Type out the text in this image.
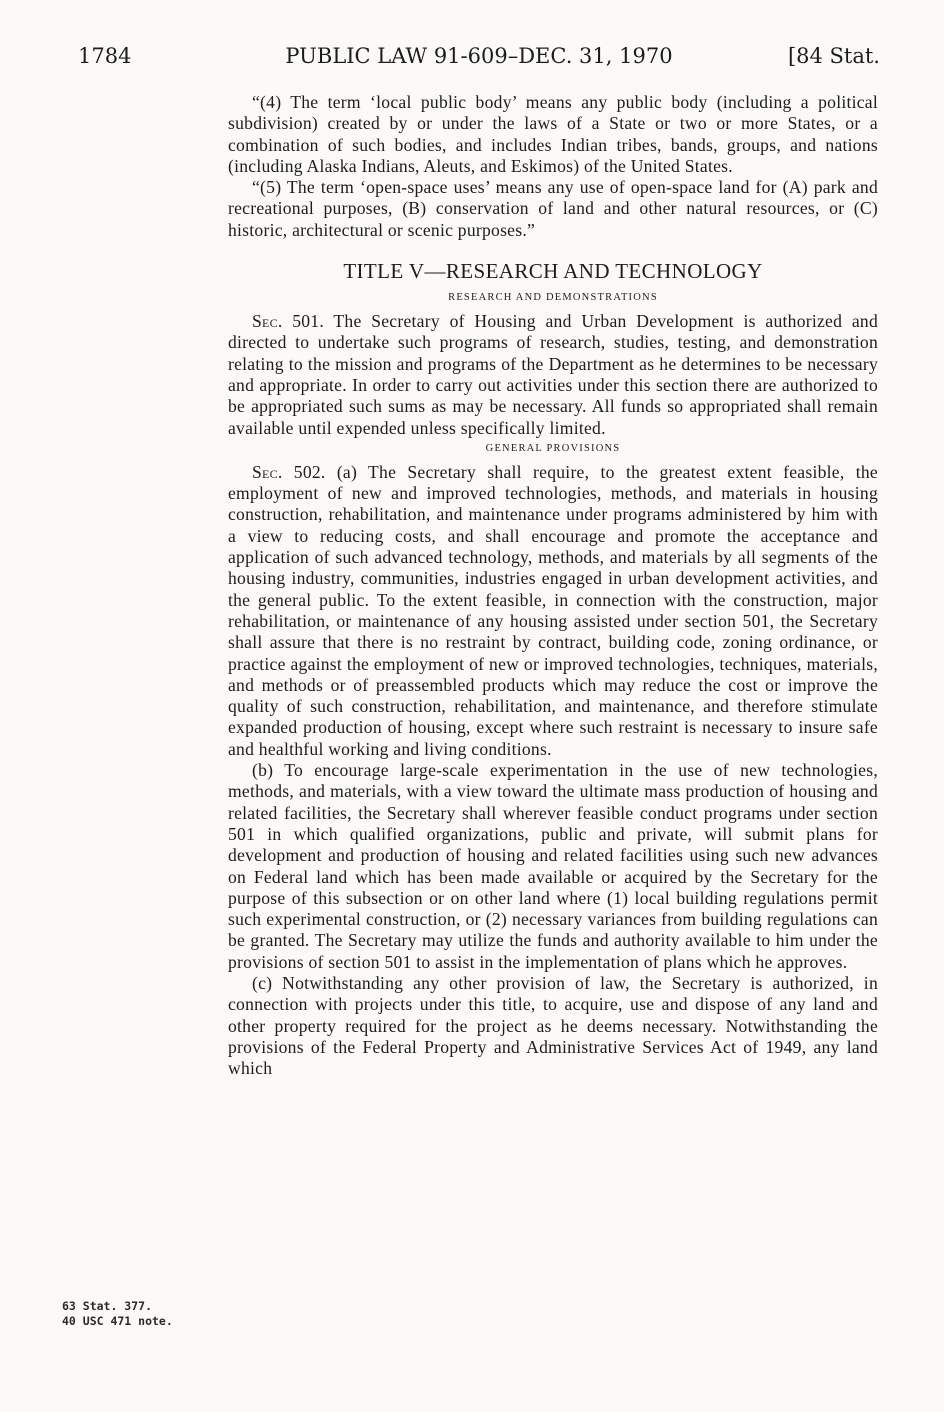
1784	PUBLIC LAW 91-609–DEC. 31, 1970	[84 Stat.

“(4) The term ‘local public body’ means any public body (including a political subdivision) created by or under the laws of a State or two or more States, or a combination of such bodies, and includes Indian tribes, bands, groups, and nations (including Alaska Indians, Aleuts, and Eskimos) of the United States.

“(5) The term ‘open-space uses’ means any use of open-space land for (A) park and recreational purposes, (B) conservation of land and other natural resources, or (C) historic, architectural or scenic purposes.”

TITLE V—RESEARCH AND TECHNOLOGY
RESEARCH AND DEMONSTRATIONS

Sec. 501. The Secretary of Housing and Urban Development is authorized and directed to undertake such programs of research, studies, testing, and demonstration relating to the mission and programs of the Department as he determines to be necessary and appropriate. In order to carry out activities under this section there are authorized to be appropriated such sums as may be necessary. All funds so appropriated shall remain available until expended unless specifically limited.

GENERAL PROVISIONS

Sec. 502. (a) The Secretary shall require, to the greatest extent feasible, the employment of new and improved technologies, methods, and materials in housing construction, rehabilitation, and maintenance under programs administered by him with a view to reducing costs, and shall encourage and promote the acceptance and application of such advanced technology, methods, and materials by all segments of the housing industry, communities, industries engaged in urban development activities, and the general public. To the extent feasible, in connection with the construction, major rehabilitation, or maintenance of any housing assisted under section 501, the Secretary shall assure that there is no restraint by contract, building code, zoning ordinance, or practice against the employment of new or improved technologies, techniques, materials, and methods or of preassembled products which may reduce the cost or improve the quality of such construction, rehabilitation, and maintenance, and therefore stimulate expanded production of housing, except where such restraint is necessary to insure safe and healthful working and living conditions.

(b) To encourage large-scale experimentation in the use of new technologies, methods, and materials, with a view toward the ultimate mass production of housing and related facilities, the Secretary shall wherever feasible conduct programs under section 501 in which qualified organizations, public and private, will submit plans for development and production of housing and related facilities using such new advances on Federal land which has been made available or acquired by the Secretary for the purpose of this subsection or on other land where (1) local building regulations permit such experimental construction, or (2) necessary variances from building regulations can be granted. The Secretary may utilize the funds and authority available to him under the provisions of section 501 to assist in the implementation of plans which he approves.

(c) Notwithstanding any other provision of law, the Secretary is authorized, in connection with projects under this title, to acquire, use and dispose of any land and other property required for the project as he deems necessary. Notwithstanding the provisions of the Federal Property and Administrative Services Act of 1949, any land which

63 Stat. 377.
40 USC 471 note.
